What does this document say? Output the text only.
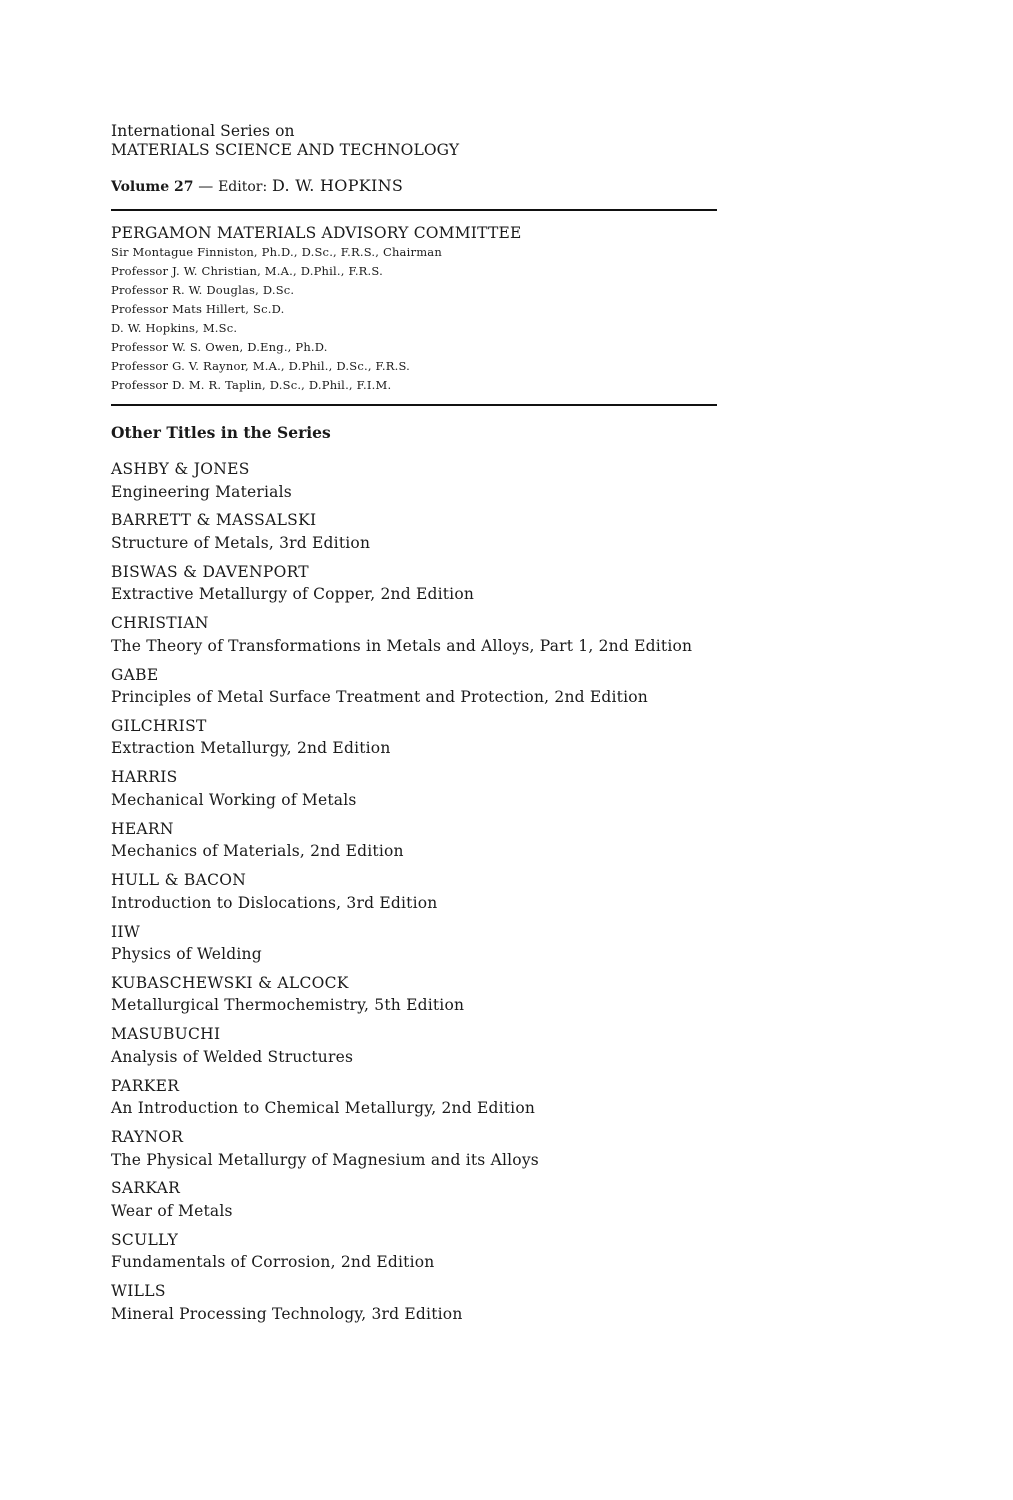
International Series on

MATERIALS SCIENCE AND TECHNOLOGY

Volume 27 — Editor: D. W. HOPKINS
PERGAMON MATERIALS ADVISORY COMMITTEE

Sir Montague Finniston, Ph.D., D.Sc., F.R.S., Chairman

Professor J. W. Christian, M.A., D.Phil., F.R.S.

Professor R. W. Douglas, D.Sc.

Professor Mats Hillert, Sc.D.

D. W. Hopkins, M.Sc.

Professor W. S. Owen, D.Eng., Ph.D.

Professor G. V. Raynor, M.A., D.Phil., D.Sc., F.R.S.

Professor D. M. R. Taplin, D.Sc., D.Phil., F.I.M.

Other Titles in the Series
ASHBY & JONES
Engineering Materials
BARRETT & MASSALSKI
Structure of Metals, 3rd Edition
BISWAS & DAVENPORT
Extractive Metallurgy of Copper, 2nd Edition
CHRISTIAN
The Theory of Transformations in Metals and Alloys, Part 1, 2nd Edition
GABE
Principles of Metal Surface Treatment and Protection, 2nd Edition
GILCHRIST
Extraction Metallurgy, 2nd Edition
HARRIS
Mechanical Working of Metals
HEARN
Mechanics of Materials, 2nd Edition
HULL & BACON
Introduction to Dislocations, 3rd Edition
IIW
Physics of Welding
KUBASCHEWSKI & ALCOCK
Metallurgical Thermochemistry, 5th Edition
MASUBUCHI
Analysis of Welded Structures
PARKER
An Introduction to Chemical Metallurgy, 2nd Edition
RAYNOR
The Physical Metallurgy of Magnesium and its Alloys
SARKAR
Wear of Metals
SCULLY
Fundamentals of Corrosion, 2nd Edition
WILLS
Mineral Processing Technology, 3rd Edition
